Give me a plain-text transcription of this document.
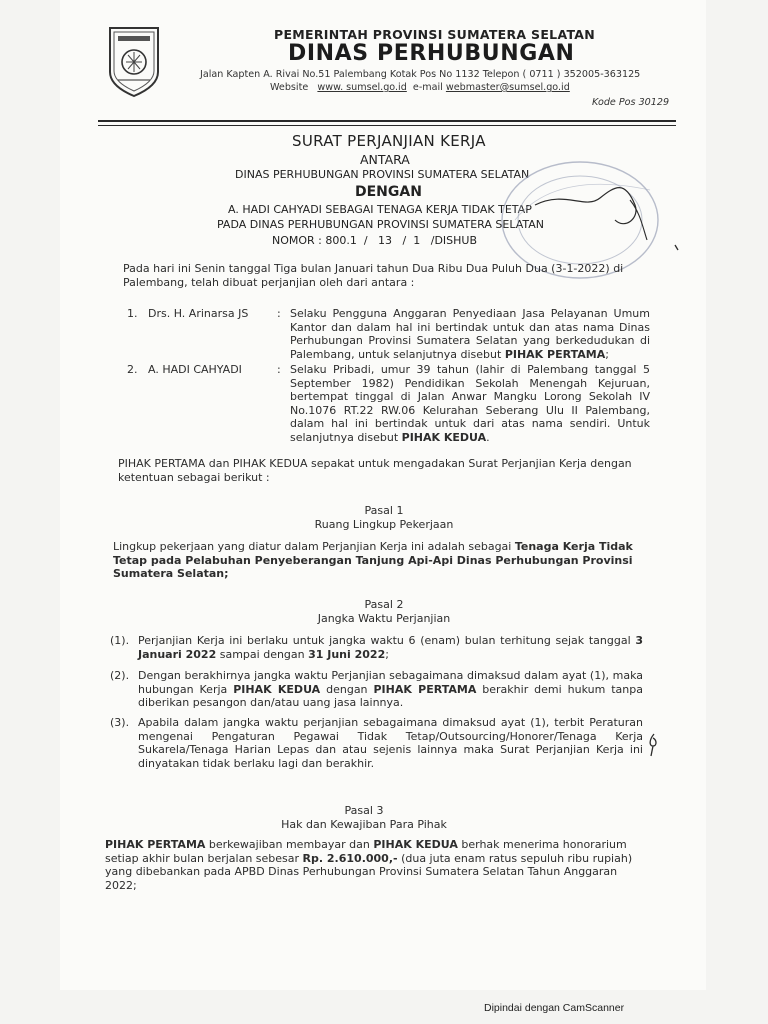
PEMERINTAH PROVINSI SUMATERA SELATAN
DINAS PERHUBUNGAN
Jalan Kapten A. Rivai No.51 Palembang Kotak Pos No 1132 Telepon ( 0711 ) 352005-363125
Website www. sumsel.go.id e-mail webmaster@sumsel.go.id
Kode Pos 30129
SURAT PERJANJIAN KERJA
ANTARA
DINAS PERHUBUNGAN PROVINSI SUMATERA SELATAN
DENGAN
A. HADI CAHYADI SEBAGAI TENAGA KERJA TIDAK TETAP
PADA DINAS PERHUBUNGAN PROVINSI SUMATERA SELATAN
NOMOR : 800.1  /   13   /  1   /DISHUB
Pada hari ini Senin tanggal Tiga bulan Januari tahun Dua Ribu Dua Puluh Dua (3-1-2022) di Palembang, telah dibuat perjanjian oleh dari antara :
1. Drs. H. Arinarsa JS	: Selaku Pengguna Anggaran Penyediaan Jasa Pelayanan Umum Kantor dan dalam hal ini bertindak untuk dan atas nama Dinas Perhubungan Provinsi Sumatera Selatan yang berkedudukan di Palembang, untuk selanjutnya disebut PIHAK PERTAMA;
2. A. HADI CAHYADI	: Selaku Pribadi, umur 39 tahun (lahir di Palembang tanggal 5 September 1982) Pendidikan Sekolah Menengah Kejuruan, bertempat tinggal di Jalan Anwar Mangku Lorong Sekolah IV No.1076 RT.22 RW.06 Kelurahan Seberang Ulu II Palembang, dalam hal ini bertindak untuk dari atas nama sendiri. Untuk selanjutnya disebut PIHAK KEDUA.
PIHAK PERTAMA dan PIHAK KEDUA sepakat untuk mengadakan Surat Perjanjian Kerja dengan ketentuan sebagai berikut :
Pasal 1
Ruang Lingkup Pekerjaan
Lingkup pekerjaan yang diatur dalam Perjanjian Kerja ini adalah sebagai Tenaga Kerja Tidak Tetap pada Pelabuhan Penyeberangan Tanjung Api-Api Dinas Perhubungan Provinsi Sumatera Selatan;
Pasal 2
Jangka Waktu Perjanjian
(1). Perjanjian Kerja ini berlaku untuk jangka waktu 6 (enam) bulan terhitung sejak tanggal 3 Januari 2022 sampai dengan 31 Juni 2022;
(2). Dengan berakhirnya jangka waktu Perjanjian sebagaimana dimaksud dalam ayat (1), maka hubungan Kerja PIHAK KEDUA dengan PIHAK PERTAMA berakhir demi hukum tanpa diberikan pesangon dan/atau uang jasa lainnya.
(3). Apabila dalam jangka waktu perjanjian sebagaimana dimaksud ayat (1), terbit Peraturan mengenai Pengaturan Pegawai Tidak Tetap/Outsourcing/Honorer/Tenaga Kerja Sukarela/Tenaga Harian Lepas dan atau sejenis lainnya maka Surat Perjanjian Kerja ini dinyatakan tidak berlaku lagi dan berakhir.
Pasal 3
Hak dan Kewajiban Para Pihak
PIHAK PERTAMA berkewajiban membayar dan PIHAK KEDUA berhak menerima honorarium setiap akhir bulan berjalan sebesar Rp. 2.610.000,- (dua juta enam ratus sepuluh ribu rupiah) yang dibebankan pada APBD Dinas Perhubungan Provinsi Sumatera Selatan Tahun Anggaran 2022;
Dipindai dengan CamScanner
